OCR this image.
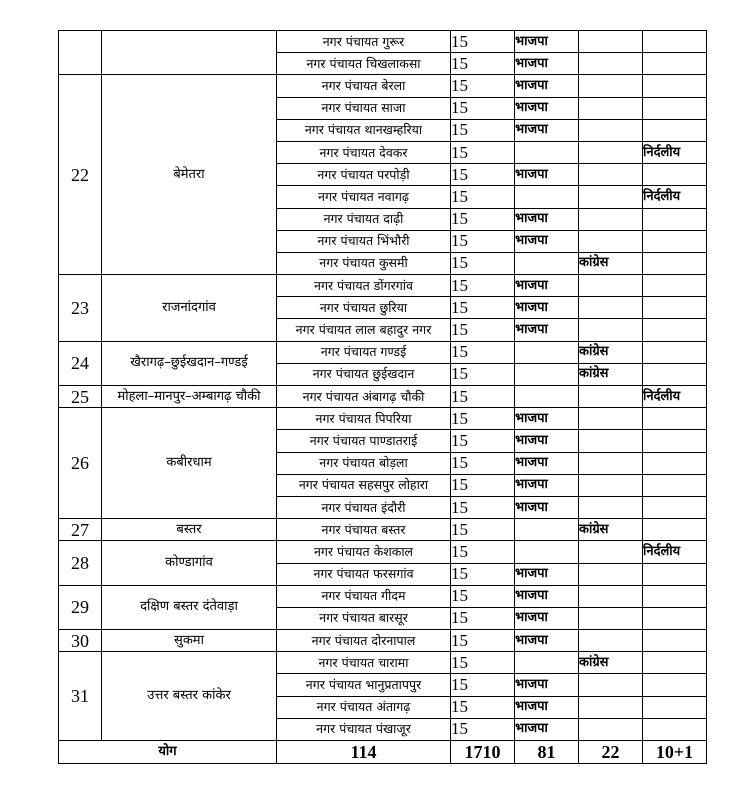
		नगर पंचायत गुरूर	15	भाजपा		
		नगर पंचायत चिखलाकसा	15	भाजपा		
22	बेमेतरा	नगर पंचायत बेरला	15	भाजपा		
		नगर पंचायत साजा	15	भाजपा		
		नगर पंचायत थानखम्हरिया	15	भाजपा		
		नगर पंचायत देवकर	15			निर्दलीय
		नगर पंचायत परपोड़ी	15	भाजपा		
		नगर पंचायत नवागढ़	15			निर्दलीय
		नगर पंचायत दाढ़ी	15	भाजपा		
		नगर पंचायत भिंभौरी	15	भाजपा		
		नगर पंचायत कुसमी	15		कांग्रेस	
23	राजनांदगांव	नगर पंचायत डोंगरगांव	15	भाजपा		
		नगर पंचायत छुरिया	15	भाजपा		
		नगर पंचायत लाल बहादुर नगर	15	भाजपा		
24	खैरागढ़–छुईखदान–गण्डई	नगर पंचायत गण्डई	15		कांग्रेस	
		नगर पंचायत छुईखदान	15		कांग्रेस	
25	मोहला–मानपुर–अम्बागढ़ चौकी	नगर पंचायत अंबागढ़ चौकी	15			निर्दलीय
26	कबीरधाम	नगर पंचायत पिपरिया	15	भाजपा		
		नगर पंचायत पाण्डातराई	15	भाजपा		
		नगर पंचायत बोड़ला	15	भाजपा		
		नगर पंचायत सहसपुर लोहारा	15	भाजपा		
		नगर पंचायत इंदौरी	15	भाजपा		
27	बस्तर	नगर पंचायत बस्तर	15		कांग्रेस	
28	कोण्डागांव	नगर पंचायत केशकाल	15			निर्दलीय
		नगर पंचायत फरसगांव	15	भाजपा		
29	दक्षिण बस्तर दंतेवाड़ा	नगर पंचायत गीदम	15	भाजपा		
		नगर पंचायत बारसूर	15	भाजपा		
30	सुकमा	नगर पंचायत दोरनापाल	15	भाजपा		
31	उत्तर बस्तर कांकेर	नगर पंचायत चारामा	15		कांग्रेस	
		नगर पंचायत भानुप्रतापपुर	15	भाजपा		
		नगर पंचायत अंतागढ़	15	भाजपा		
		नगर पंचायत पंखाजूर	15	भाजपा		
योग		114	1710	81	22	10+1
